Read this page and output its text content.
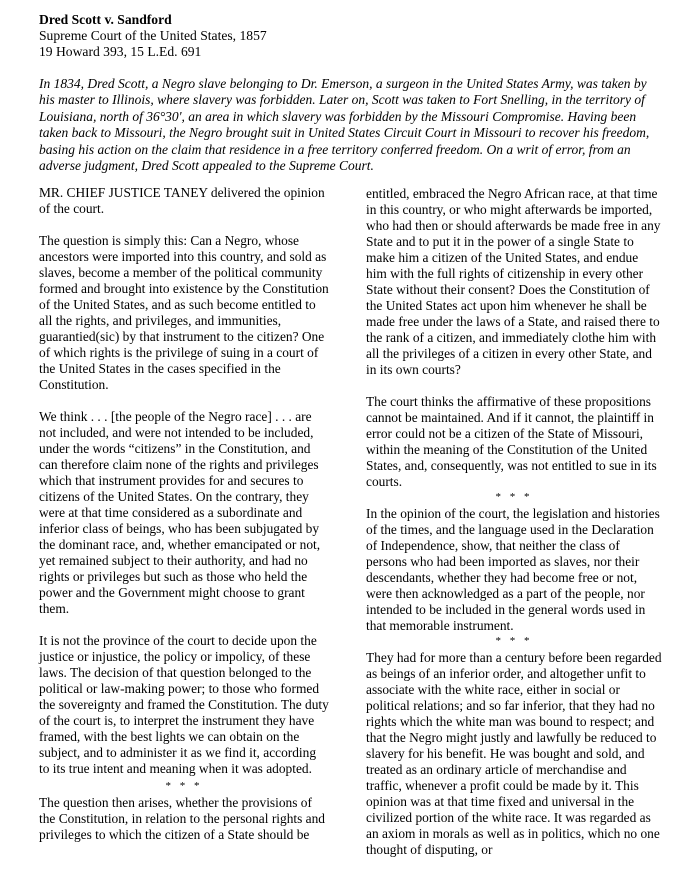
Dred Scott v. Sandford
Supreme Court of the United States, 1857
19 Howard 393, 15 L.Ed. 691

In 1834, Dred Scott, a Negro slave belonging to Dr. Emerson, a surgeon in the United States Army, was taken by his master to Illinois, where slavery was forbidden. Later on, Scott was taken to Fort Snelling, in the territory of Louisiana, north of 36°30', an area in which slavery was forbidden by the Missouri Compromise. Having been taken back to Missouri, the Negro brought suit in United States Circuit Court in Missouri to recover his freedom, basing his action on the claim that residence in a free territory conferred freedom. On a writ of error, from an adverse judgment, Dred Scott appealed to the Supreme Court.

MR. CHIEF JUSTICE TANEY delivered the opinion of the court.

The question is simply this: Can a Negro, whose ancestors were imported into this country, and sold as slaves, become a member of the political community formed and brought into existence by the Constitution of the United States, and as such become entitled to all the rights, and privileges, and immunities, guarantied(sic) by that instrument to the citizen? One of which rights is the privilege of suing in a court of the United States in the cases specified in the Constitution.

We think . . . [the people of the Negro race] . . . are not included, and were not intended to be included, under the words “citizens” in the Constitution, and can therefore claim none of the rights and privileges which that instrument provides for and secures to citizens of the United States. On the contrary, they were at that time considered as a subordinate and inferior class of beings, who has been subjugated by the dominant race, and, whether emancipated or not, yet remained subject to their authority, and had no rights or privileges but such as those who held the power and the Government might choose to grant them.

It is not the province of the court to decide upon the justice or injustice, the policy or impolicy, of these laws. The decision of that question belonged to the political or law-making power; to those who formed the sovereignty and framed the Constitution. The duty of the court is, to interpret the instrument they have framed, with the best lights we can obtain on the subject, and to administer it as we find it, according to its true intent and meaning when it was adopted.

* * *

The question then arises, whether the provisions of the Constitution, in relation to the personal rights and privileges to which the citizen of a State should be

entitled, embraced the Negro African race, at that time in this country, or who might afterwards be imported, who had then or should afterwards be made free in any State and to put it in the power of a single State to make him a citizen of the United States, and endue him with the full rights of citizenship in every other State without their consent? Does the Constitution of the United States act upon him whenever he shall be made free under the laws of a State, and raised there to the rank of a citizen, and immediately clothe him with all the privileges of a citizen in every other State, and in its own courts?

The court thinks the affirmative of these propositions cannot be maintained. And if it cannot, the plaintiff in error could not be a citizen of the State of Missouri, within the meaning of the Constitution of the United States, and, consequently, was not entitled to sue in its courts.

* * *

In the opinion of the court, the legislation and histories of the times, and the language used in the Declaration of Independence, show, that neither the class of persons who had been imported as slaves, nor their descendants, whether they had become free or not, were then acknowledged as a part of the people, nor intended to be included in the general words used in that memorable instrument.

* * *

They had for more than a century before been regarded as beings of an inferior order, and altogether unfit to associate with the white race, either in social or political relations; and so far inferior, that they had no rights which the white man was bound to respect; and that the Negro might justly and lawfully be reduced to slavery for his benefit. He was bought and sold, and treated as an ordinary article of merchandise and traffic, whenever a profit could be made by it. This opinion was at that time fixed and universal in the civilized portion of the white race. It was regarded as an axiom in morals as well as in politics, which no one thought of disputing, or
